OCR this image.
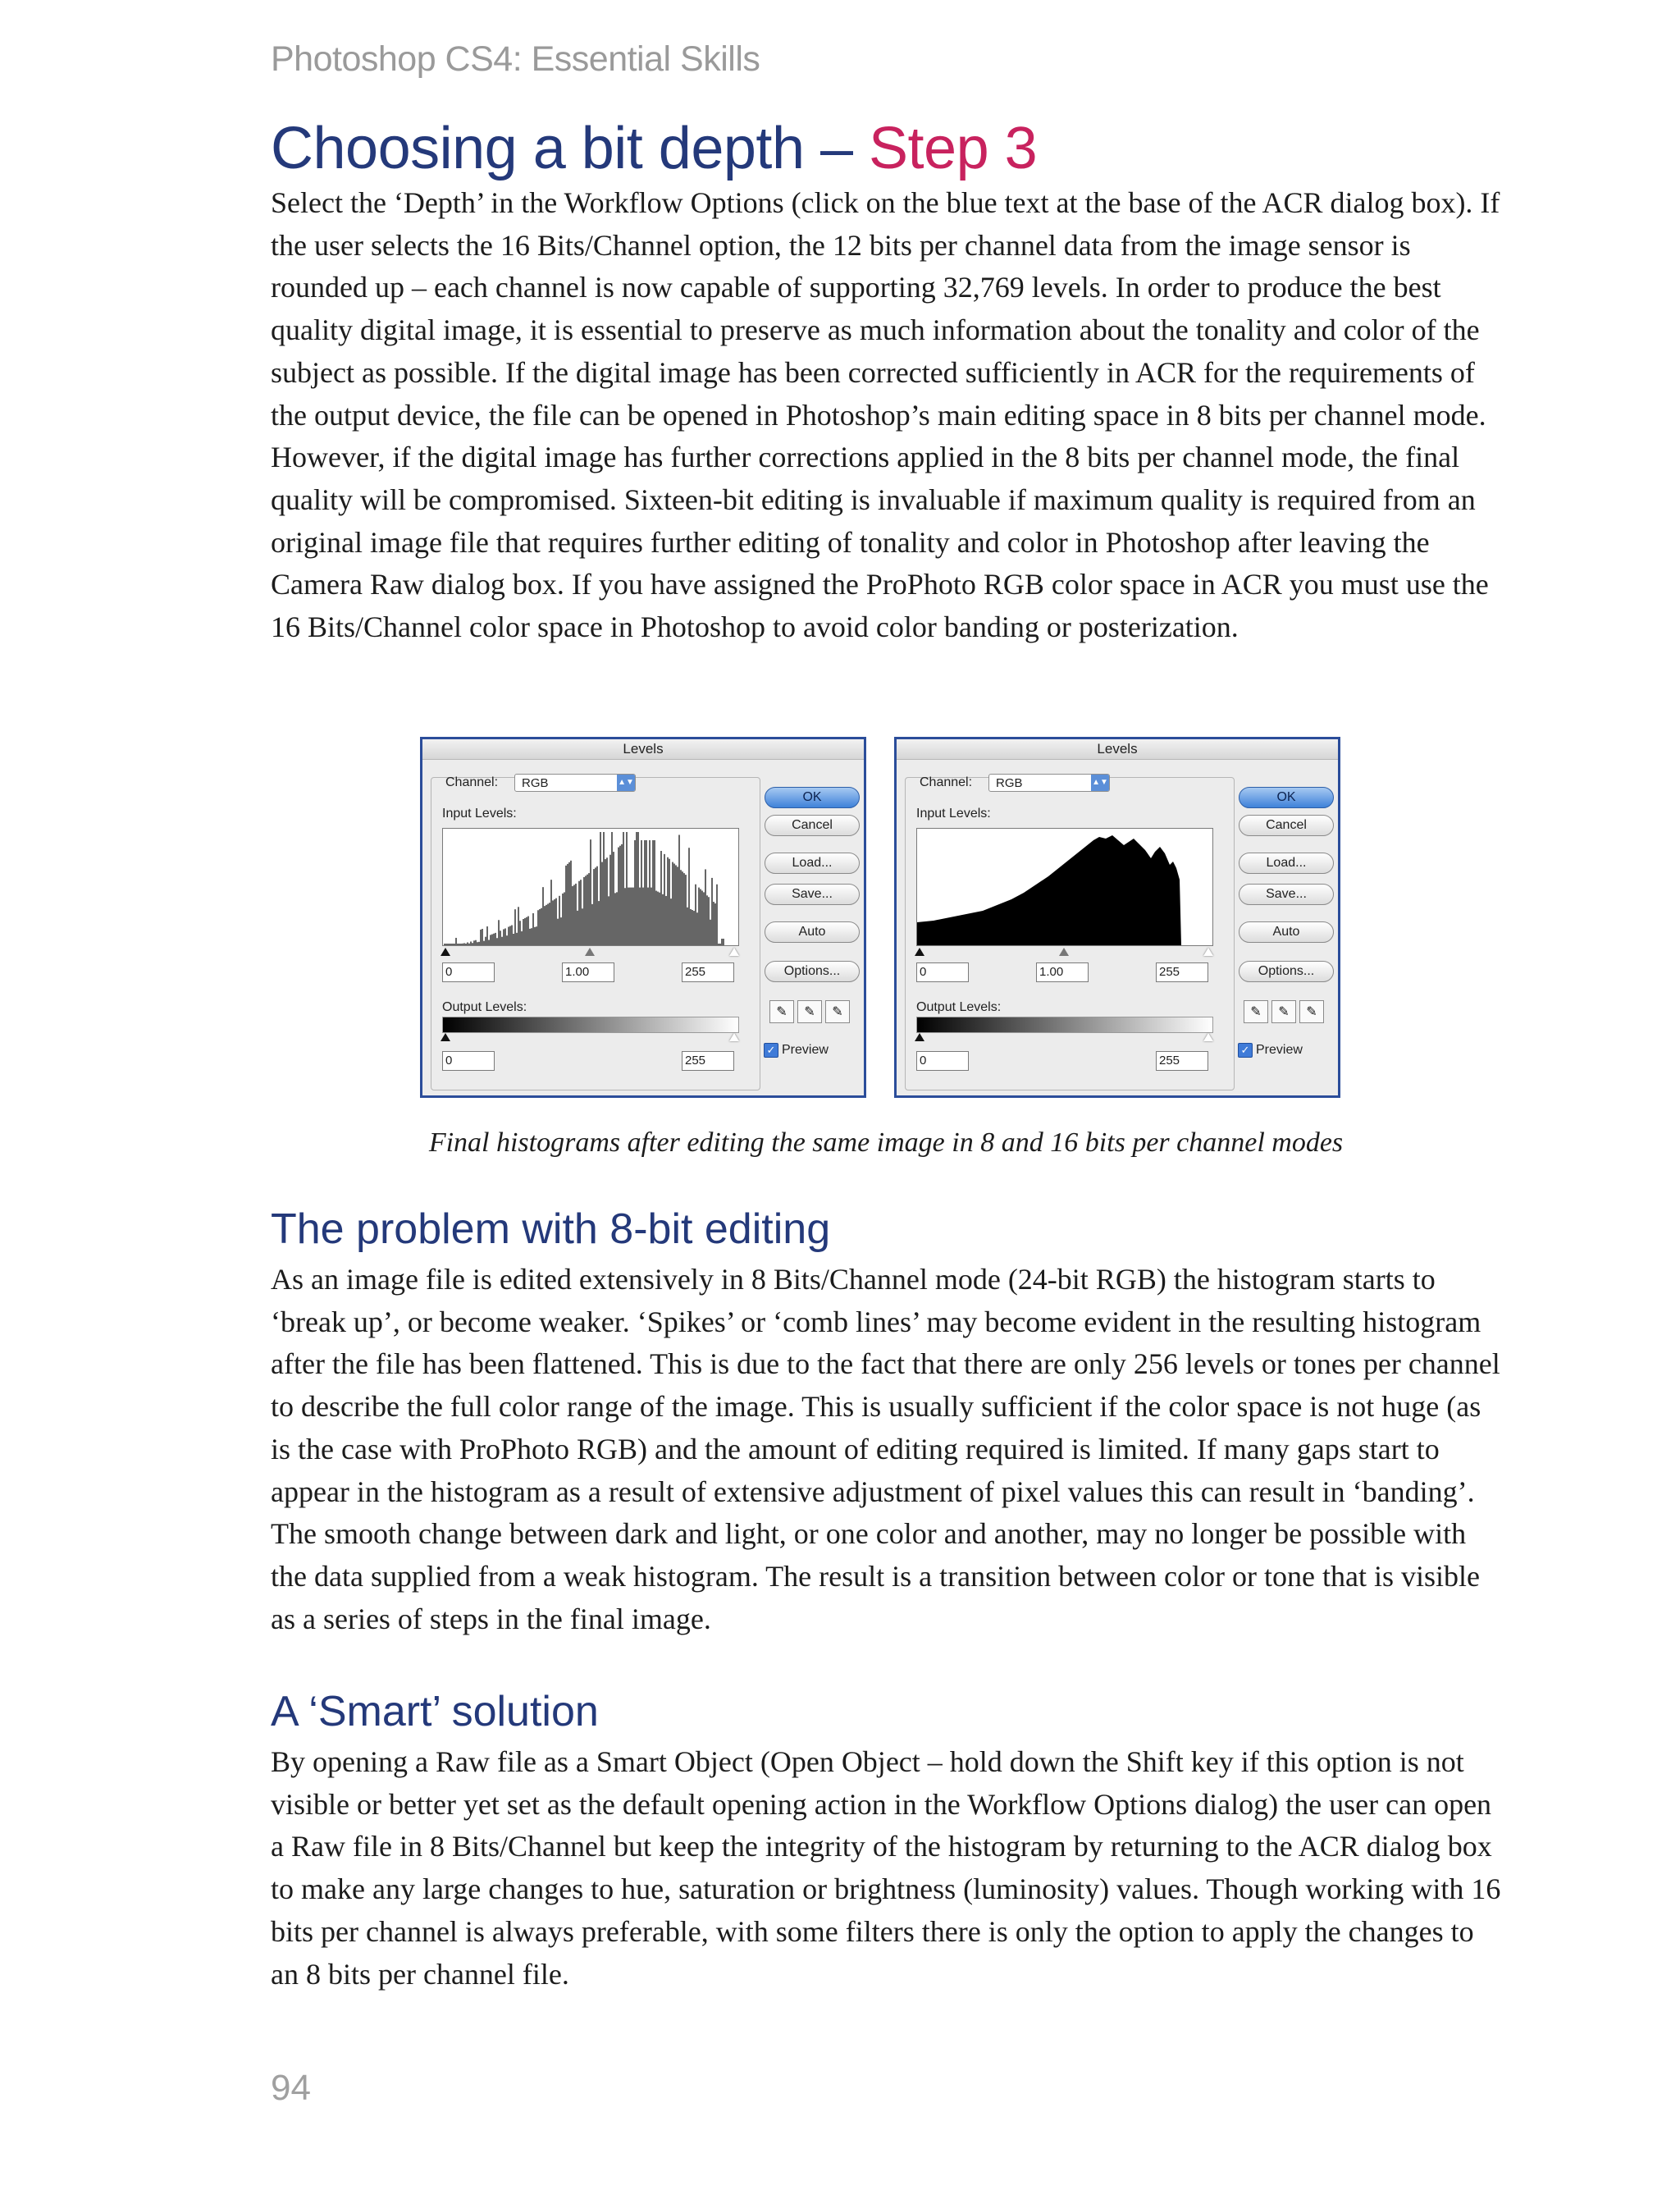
Photoshop CS4: Essential Skills
Choosing a bit depth – Step 3

Select the ‘Depth’ in the Workflow Options (click on the blue text at the base of the ACR dialog box). If the user selects the 16 Bits/Channel option, the 12 bits per channel data from the image sensor is rounded up – each channel is now capable of supporting 32,769 levels. In order to produce the best quality digital image, it is essential to preserve as much information about the tonality and color of the subject as possible. If the digital image has been corrected sufficiently in ACR for the requirements of the output device, the file can be opened in Photoshop’s main editing space in 8 bits per channel mode. However, if the digital image has further corrections applied in the 8 bits per channel mode, the final quality will be compromised. Sixteen-bit editing is invaluable if maximum quality is required from an original image file that requires further editing of tonality and color in Photoshop after leaving the Camera Raw dialog box. If you have assigned the ProPhoto RGB color space in ACR you must use the 16 Bits/Channel color space in Photoshop to avoid color banding or posterization.

Levels
Channel:	RGB	▲▼
Input Levels:
0	1.00	255
Output Levels:
0	255
OK
Cancel
Load...
Save...
Auto
Options...
✎	✎	✎
✓ Preview
Levels
Channel:	RGB	▲▼
Input Levels:
0	1.00	255
Output Levels:
0	255
OK
Cancel
Load...
Save...
Auto
Options...
✎	✎	✎
✓ Preview
Final histograms after editing the same image in 8 and 16 bits per channel modes
The problem with 8-bit editing

As an image file is edited extensively in 8 Bits/Channel mode (24-bit RGB) the histogram starts to ‘break up’, or become weaker. ‘Spikes’ or ‘comb lines’ may become evident in the resulting histogram after the file has been flattened. This is due to the fact that there are only 256 levels or tones per channel to describe the full color range of the image. This is usually sufficient if the color space is not huge (as is the case with ProPhoto RGB) and the amount of editing required is limited. If many gaps start to appear in the histogram as a result of extensive adjustment of pixel values this can result in ‘banding’. The smooth change between dark and light, or one color and another, may no longer be possible with the data supplied from a weak histogram. The result is a transition between color or tone that is visible as a series of steps in the final image.

A ‘Smart’ solution

By opening a Raw file as a Smart Object (Open Object – hold down the Shift key if this option is not visible or better yet set as the default opening action in the Workflow Options dialog) the user can open a Raw file in 8 Bits/Channel but keep the integrity of the histogram by returning to the ACR dialog box to make any large changes to hue, saturation or brightness (luminosity) values. Though working with 16 bits per channel is always preferable, with some filters there is only the option to apply the changes to an 8 bits per channel file.

94
